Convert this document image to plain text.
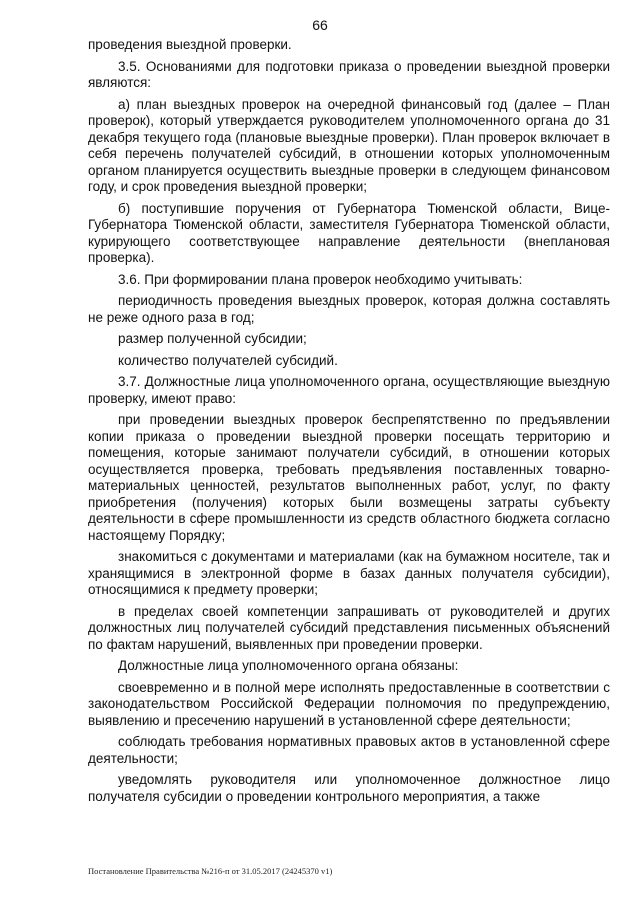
66

проведения выездной проверки.

3.5. Основаниями для подготовки приказа о проведении выездной проверки являются:

а) план выездных проверок на очередной финансовый год (далее – План проверок), который утверждается руководителем уполномоченного органа до 31 декабря текущего года (плановые выездные проверки). План проверок включает в себя перечень получателей субсидий, в отношении которых уполномоченным органом планируется осуществить выездные проверки в следующем финансовом году, и срок проведения выездной проверки;

б) поступившие поручения от Губернатора Тюменской области, Вице-Губернатора Тюменской области, заместителя Губернатора Тюменской области, курирующего соответствующее направление деятельности (внеплановая проверка).

3.6. При формировании плана проверок необходимо учитывать:

периодичность проведения выездных проверок, которая должна составлять не реже одного раза в год;

размер полученной субсидии;

количество получателей субсидий.

3.7. Должностные лица уполномоченного органа, осуществляющие выездную проверку, имеют право:

при проведении выездных проверок беспрепятственно по предъявлении копии приказа о проведении выездной проверки посещать территорию и помещения, которые занимают получатели субсидий, в отношении которых осуществляется проверка, требовать предъявления поставленных товарно-материальных ценностей, результатов выполненных работ, услуг, по факту приобретения (получения) которых были возмещены затраты субъекту деятельности в сфере промышленности из средств областного бюджета согласно настоящему Порядку;

знакомиться с документами и материалами (как на бумажном носителе, так и хранящимися в электронной форме в базах данных получателя субсидии), относящимися к предмету проверки;

в пределах своей компетенции запрашивать от руководителей и других должностных лиц получателей субсидий представления письменных объяснений по фактам нарушений, выявленных при проведении проверки.

Должностные лица уполномоченного органа обязаны:

своевременно и в полной мере исполнять предоставленные в соответствии с законодательством Российской Федерации полномочия по предупреждению, выявлению и пресечению нарушений в установленной сфере деятельности;

соблюдать требования нормативных правовых актов в установленной сфере деятельности;

уведомлять руководителя или уполномоченное должностное лицо получателя субсидии о проведении контрольного мероприятия, а также

Постановление Правительства №216-п от 31.05.2017 (24245370 v1)
